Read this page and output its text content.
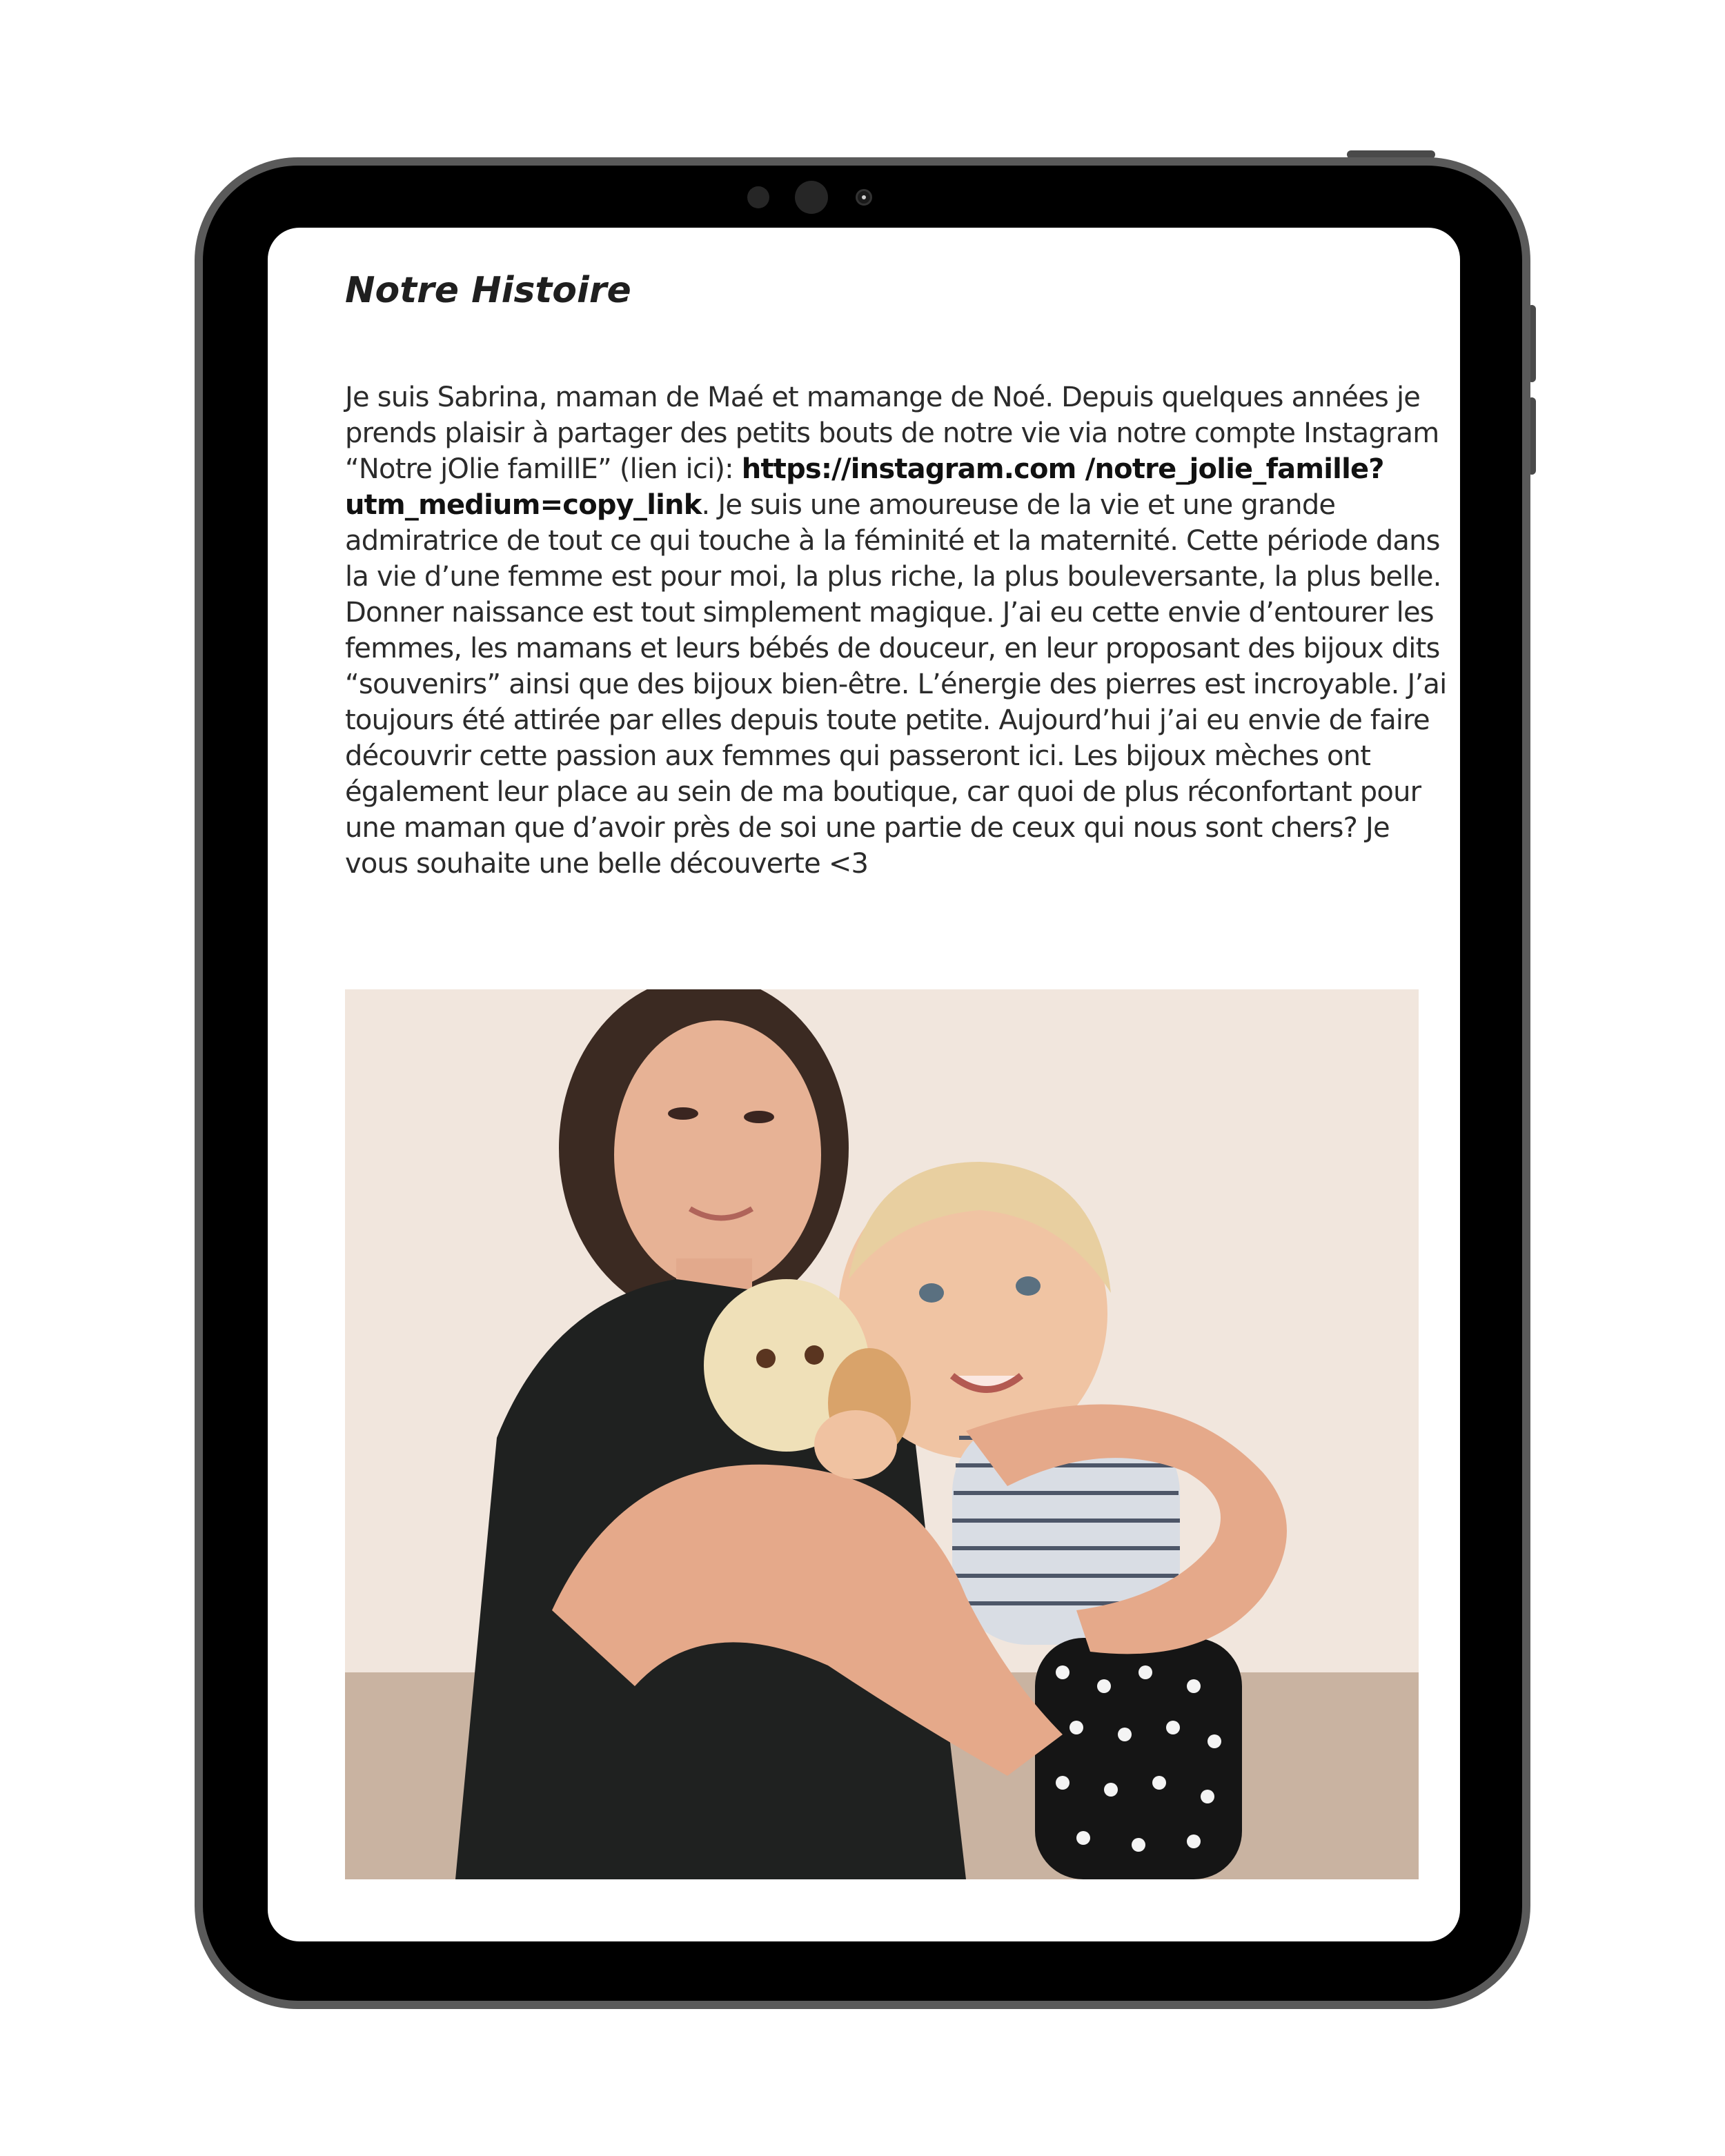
Notre Histoire

Je suis Sabrina, maman de Maé et mamange de Noé. Depuis quelques années je prends plaisir à partager des petits bouts de notre vie via notre compte Instagram “Notre jOlie famillE” (lien ici): https://instagram.com /notre_jolie_famille?utm_medium=copy_link. Je suis une amoureuse de la vie et une grande admiratrice de tout ce qui touche à la féminité et la maternité. Cette période dans la vie d’une femme est pour moi, la plus riche, la plus bouleversante, la plus belle. Donner naissance est tout simplement magique. J’ai eu cette envie d’entourer les femmes, les mamans et leurs bébés de douceur, en leur proposant des bijoux dits “souvenirs” ainsi que des bijoux bien-être. L’énergie des pierres est incroyable. J’ai toujours été attirée par elles depuis toute petite. Aujourd’hui j’ai eu envie de faire découvrir cette passion aux femmes qui passeront ici. Les bijoux mèches ont également leur place au sein de ma boutique, car quoi de plus réconfortant pour une maman que d’avoir près de soi une partie de ceux qui nous sont chers? Je vous souhaite une belle découverte <3
